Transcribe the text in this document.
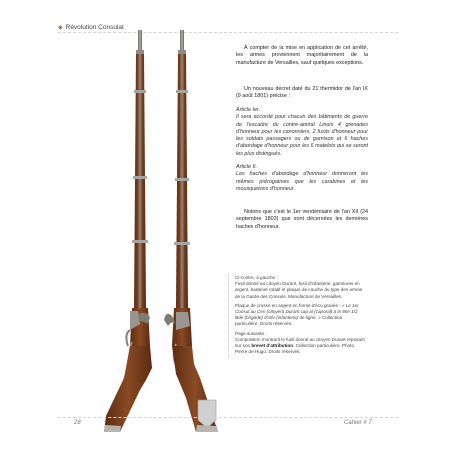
◆ Révolution Consulat

À compter de la mise en application de cet arrêté, les armes proviennent majoritairement de la manufacture de Versailles, sauf quelques exceptions.

Un nouveau décret daté du 21 thermidor de l'an IX (9 août 1801) précise :

Article Ier.
Il sera accordé pour chacun des bâtiments de guerre de l'escadre du contre-amiral Linois 4 grenades d'honneur pour les canonniers, 2 fusils d'honneur pour les soldats passagers ou de garnison et 6 haches d'abordage d'honneur pour les 6 matelots qui se seront les plus distingués.

Article II.
Les haches d'abordage d'honneur donneront les mêmes prérogatives que les carabines et les mousquetons d'honneur.

Notons que c'est le 1er vendémiaire de l'an XII (24 septembre 1803) que sont décernées les dernières haches d'honneur.

Ci-contre, à gauche :
Fusil donné au citoyen Durant, fusil d'infanterie, garnitures en argent, bassinet rotatif et plaque de couche du type des armes de la Garde des Consuls. Manufacture de Versailles.

Plaque de crosse en argent en forme d'écu gravée : « Le 1er Consul au Cen (citoyen) Durant cap al (caporal) à la 85e 1/2 Bde (brigade) d'infe (infanterie) de ligne. » Collection particulière. Droits réservés.

Page suivante :
Composition montrant le fusil donné au citoyen Durant reposant sur son brevet d'attribution. Collection particulière. Photo Pierre de Hugo. Droits réservés.

28	Cahier # 7
